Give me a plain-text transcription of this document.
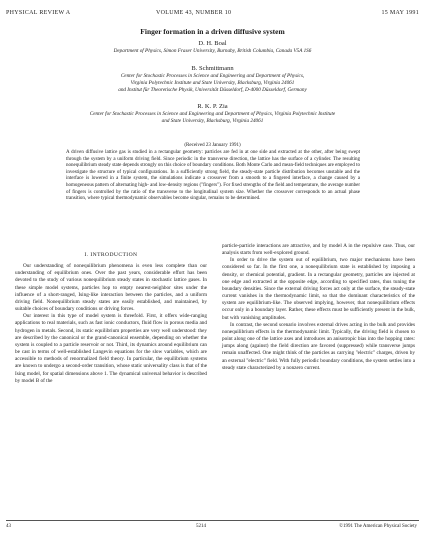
PHYSICAL REVIEW A	VOLUME 43, NUMBER 10	15 MAY 1991
Finger formation in a driven diffusive system
D. H. Boal
Department of Physics, Simon Fraser University, Burnaby, British Columbia, Canada V5A 1S6
B. Schmittmann
Center for Stochastic Processes in Science and Engineering and Department of Physics,
Virginia Polytechnic Institute and State University, Blacksburg, Virginia 24061
and Institut für Theoretische Physik, Universität Düsseldorf, D-4000 Düsseldorf, Germany
R. K. P. Zia
Center for Stochastic Processes in Science and Engineering and Department of Physics, Virginia Polytechnic Institute
and State University, Blacksburg, Virginia 24061
(Received 23 January 1991)
A driven diffusive lattice gas is studied in a rectangular geometry: particles are fed in at one side and extracted at the other, after being swept through the system by a uniform driving field. Since periodic in the transverse direction, the lattice has the surface of a cylinder. The resulting nonequilibrium steady state depends strongly on this choice of boundary conditions. Both Monte Carlo and mean-field techniques are employed to investigate the structure of typical configurations. In a sufficiently strong field, the steady-state particle distribution becomes unstable and the interface is lowered in a finite system, the simulations indicate a crossover from a smooth to a fingered interface, a change caused by a homogeneous pattern of alternating high- and low-density regions ("fingers"). For fixed strengths of the field and temperature, the average number of fingers is controlled by the ratio of the transverse to the longitudinal system size. Whether the crossover corresponds to an actual phase transition, where typical thermodynamic observables become singular, remains to be determined.
I. INTRODUCTION

Our understanding of nonequilibrium phenomena is even less complete than our understanding of equilibrium ones. Over the past years, considerable effort has been devoted to the study of various nonequilibrium steady states in stochastic lattice gases. In these simple model systems, particles hop to empty nearest-neighbor sites under the influence of a short-ranged, Ising-like interaction between the particles, and a uniform driving field. Nonequilibrium steady states are easily established, and maintained, by suitable choices of boundary conditions or driving forces.

Our interest in this type of model system is threefold. First, it offers wide-ranging applications to real materials, such as fast ionic conductors, fluid flow in porous media and hydrogen in metals. Second, its static equilibrium properties are very well understood: they are described by the canonical or the grand-canonical ensemble, depending on whether the system is coupled to a particle reservoir or not. Third, its dynamics around equilibrium can be cast in terms of well-established Langevin equations for the slow variables, which are accessible to methods of renormalized field theory. In particular, the equilibrium systems are known to undergo a second-order transition, whose static universality class is that of the Ising model, for spatial dimensions above 1. The dynamical universal behavior is described by model B of the

particle-particle interactions are attractive, and by model A in the repulsive case. Thus, our analysis starts from well-explored ground.

In order to drive the system out of equilibrium, two major mechanisms have been considered so far. In the first one, a nonequilibrium state is established by imposing a density, or chemical potential, gradient. In a rectangular geometry, particles are injected at one edge and extracted at the opposite edge, according to specified rates, thus tuning the boundary densities. Since the external driving forces act only at the surface, the steady-state current vanishes in the thermodynamic limit, so that the dominant characteristics of the system are equilibrium-like. The observed implying, however, that nonequilibrium effects occur only in a boundary layer. Rather, these effects must be sufficiently present in the bulk, but with vanishing amplitudes.

In contrast, the second scenario involves external drives acting in the bulk and provides nonequilibrium effects in the thermodynamic limit. Typically, the driving field is chosen to point along one of the lattice axes and introduces an anisotropic bias into the hopping rates: jumps along (against) the field direction are favored (suppressed) while transverse jumps remain unaffected. One might think of the particles as carrying "electric" charges, driven by an external "electric" field. With fully periodic boundary conditions, the system settles into a steady state characterized by a nonzero current.

43	5214	©1991 The American Physical Society
